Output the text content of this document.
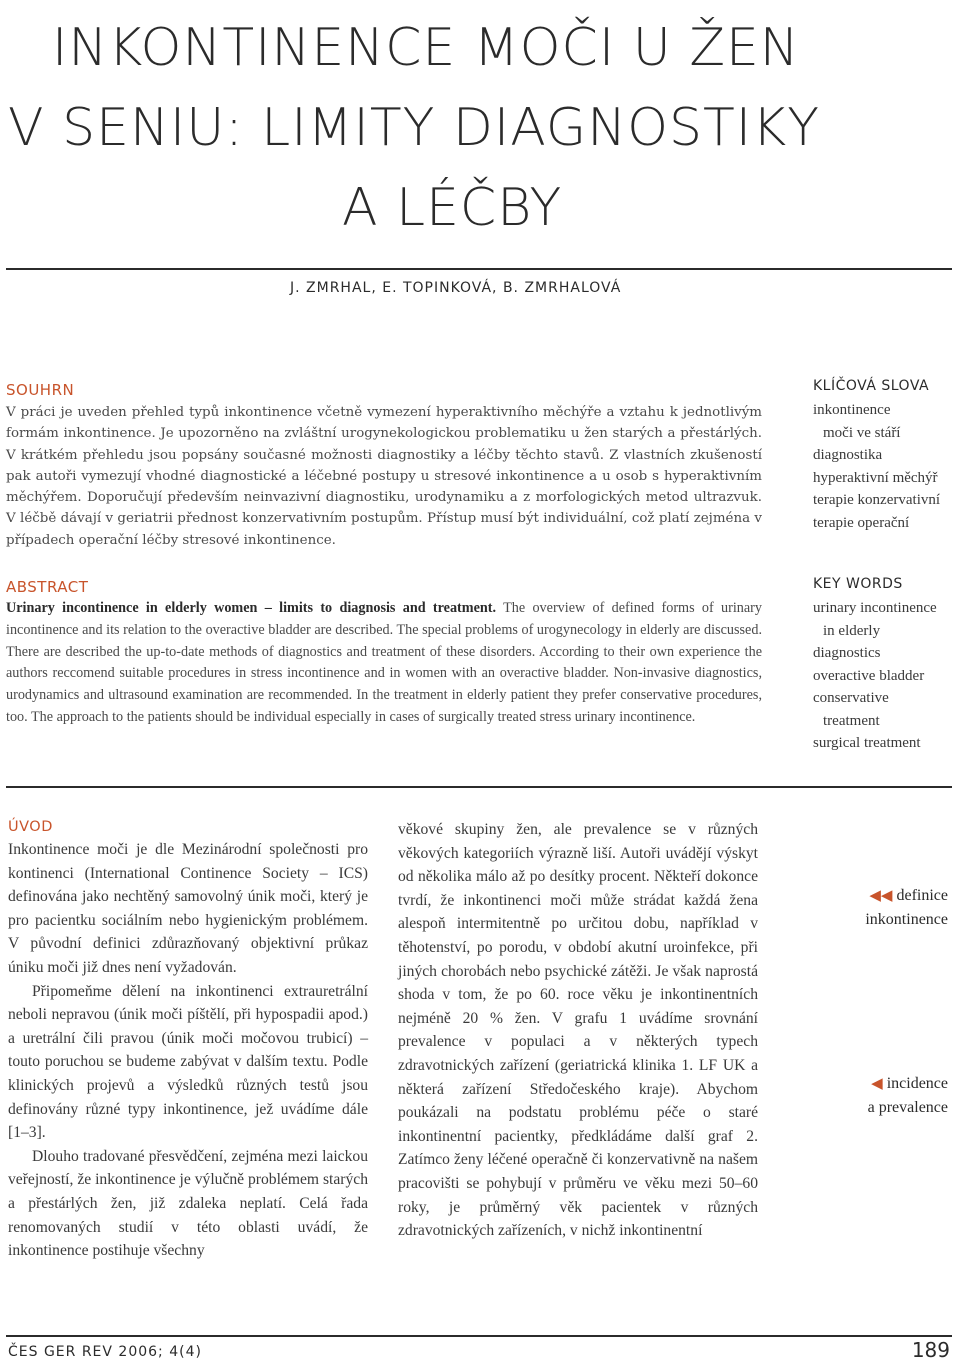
INKONTINENCE MOČI U ŽEN
V SENIU: LIMITY DIAGNOSTIKY
A LÉČBY
J. ZMRHAL, E. TOPINKOVÁ, B. ZMRHALOVÁ
SOUHRN
V práci je uveden přehled typů inkontinence včetně vymezení hyperaktivního měchýře a vztahu k jednotlivým formám inkontinence. Je upozorněno na zvláštní urogynekologickou problematiku u žen starých a přestárlých. V krátkém přehledu jsou popsány současné možnosti diagnostiky a léčby těchto stavů. Z vlastních zkušeností pak autoři vymezují vhodné diagnostické a léčebné postupy u stresové inkontinence a u osob s hyperaktivním měchýřem. Doporučují především neinvazivní diagnostiku, urodynamiku a z morfologických metod ultrazvuk. V léčbě dávají v geriatrii přednost konzervativním postupům. Přístup musí být individuální, což platí zejména v případech operační léčby stresové inkontinence.
KLÍČOVÁ SLOVA
inkontinence
moči ve stáří
diagnostika
hyperaktivní měchýř
terapie konzervativní
terapie operační
ABSTRACT
Urinary incontinence in elderly women – limits to diagnosis and treatment. The overview of defined forms of urinary incontinence and its relation to the overactive bladder are described. The special problems of urogynecology in elderly are discussed. There are described the up-to-date methods of diagnostics and treatment of these disorders. According to their own experience the authors reccomend suitable procedures in stress incontinence and in women with an overactive bladder. Non-invasive diagnostics, urodynamics and ultrasound examination are recommended. In the treatment in elderly patient they prefer conservative procedures, too. The approach to the patients should be individual especially in cases of surgically treated stress urinary incontinence.
KEY WORDS
urinary incontinence
in elderly
diagnostics
overactive bladder
conservative
treatment
surgical treatment
ÚVOD

Inkontinence moči je dle Mezinárodní společnosti pro kontinenci (International Continence Society – ICS) definována jako nechtěný samovolný únik moči, který je pro pacientku sociálním nebo hygienickým problémem. V původní definici zdůrazňovaný objektivní průkaz úniku moči již dnes není vyžadován.

Připomeňme dělení na inkontinenci extrauretrální neboli nepravou (únik moči píštělí, při hypospadii apod.) a uretrální čili pravou (únik moči močovou trubicí) – touto poruchou se budeme zabývat v dalším textu. Podle klinických projevů a výsledků různých testů jsou definovány různé typy inkontinence, jež uvádíme dále [1–3].

Dlouho tradované přesvědčení, zejména mezi laickou veřejností, že inkontinence je výlučně problémem starých a přestárlých žen, již zdaleka neplatí. Celá řada renomovaných studií v této oblasti uvádí, že inkontinence postihuje všechny

věkové skupiny žen, ale prevalence se v různých věkových kategoriích výrazně liší. Autoři uvádějí výskyt od několika málo až po desítky procent. Někteří dokonce tvrdí, že inkontinenci moči může strádat každá žena alespoň intermitentně po určitou dobu, například v těhotenství, po porodu, v období akutní uroinfekce, při jiných chorobách nebo psychické zátěži. Je však naprostá shoda v tom, že po 60. roce věku je inkontinentních nejméně 20 % žen. V grafu 1 uvádíme srovnání prevalence v populaci a v některých typech zdravotnických zařízení (geriatrická klinika 1. LF UK a některá zařízení Středočeského kraje). Abychom poukázali na podstatu problému péče o staré inkontinentní pacientky, předkládáme další graf 2. Zatímco ženy léčené operačně či konzervativně na našem pracovišti se pohybují v průměru ve věku mezi 50–60 roky, je průměrný věk pacientek v různých zdravotnických zařízeních, v nichž inkontinentní

◀◀ definice
inkontinence
◀ incidence
a prevalence
ČES GER REV 2006; 4(4)	189
